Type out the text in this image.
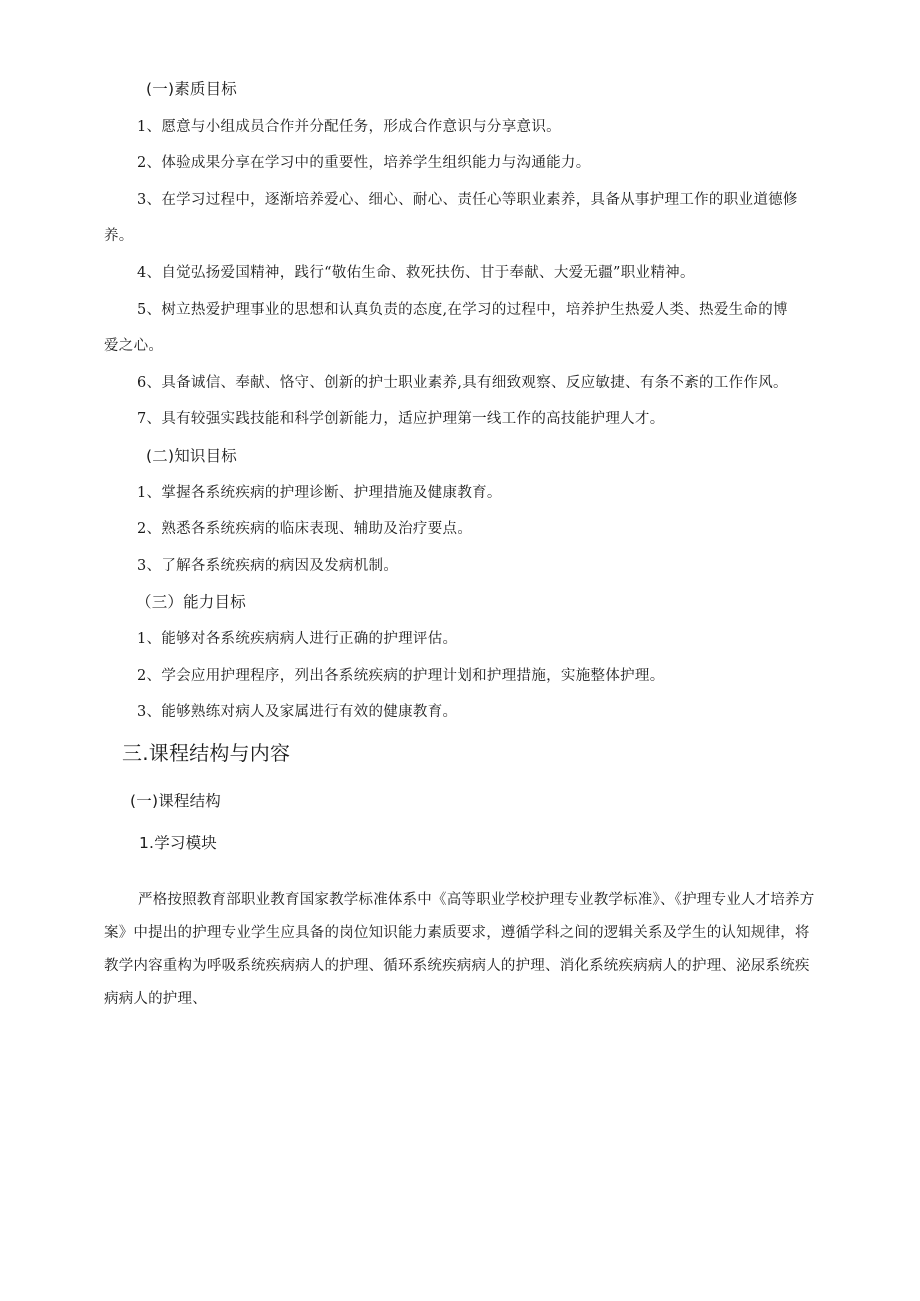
(一)素质目标
1、愿意与小组成员合作并分配任务，形成合作意识与分享意识。
2、体验成果分享在学习中的重要性，培养学生组织能力与沟通能力。
3、在学习过程中，逐渐培养爱心、细心、耐心、责任心等职业素养，具备从事护理工作的职业道德修
养。
4、自觉弘扬爱国精神，践行“敬佑生命、救死扶伤、甘于奉献、大爱无疆”职业精神。
5、树立热爱护理事业的思想和认真负责的态度,在学习的过程中，培养护生热爱人类、热爱生命的博
爱之心。
6、具备诚信、奉献、恪守、创新的护士职业素养,具有细致观察、反应敏捷、有条不紊的工作作风。
7、具有较强实践技能和科学创新能力，适应护理第一线工作的高技能护理人才。
(二)知识目标
1、掌握各系统疾病的护理诊断、护理措施及健康教育。
2、熟悉各系统疾病的临床表现、辅助及治疗要点。
3、了解各系统疾病的病因及发病机制。
（三）能力目标
1、能够对各系统疾病病人进行正确的护理评估。
2、学会应用护理程序，列出各系统疾病的护理计划和护理措施，实施整体护理。
3、能够熟练对病人及家属进行有效的健康教育。
三.课程结构与内容
(一)课程结构
1.学习模块
严格按照教育部职业教育国家教学标准体系中《高等职业学校护理专业教学标准》、《护理专业人才培养方案》中提出的护理专业学生应具备的岗位知识能力素质要求，遵循学科之间的逻辑关系及学生的认知规律，将教学内容重构为呼吸系统疾病病人的护理、循环系统疾病病人的护理、消化系统疾病病人的护理、泌尿系统疾病病人的护理、
